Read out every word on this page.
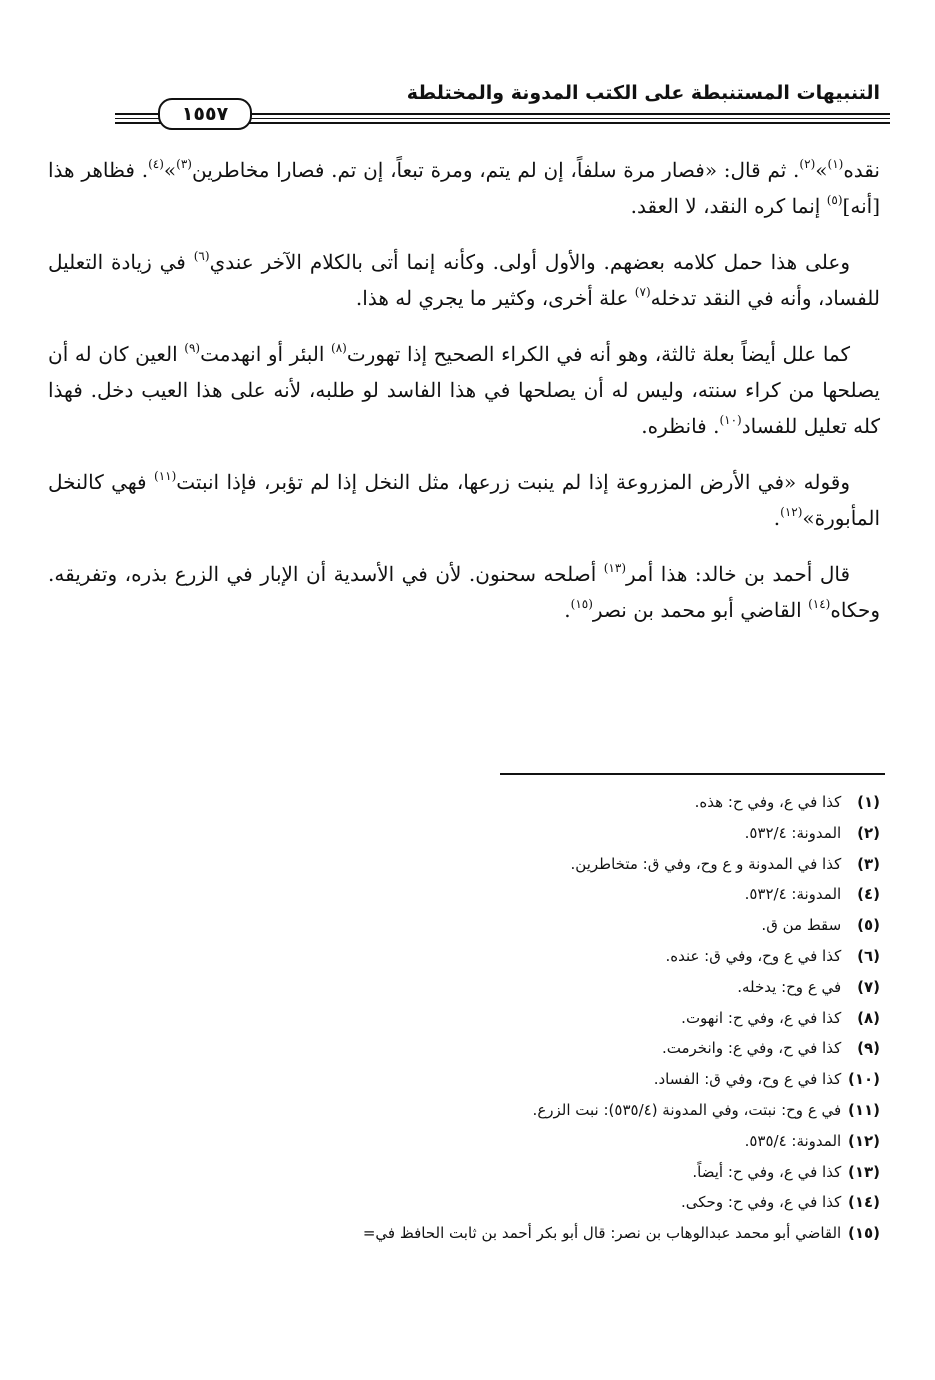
التنبيهات المستنبطة على الكتب المدونة والمختلطة
١٥٥٧

نقده$^{(١)}$»$^{(٢)}$. ثم قال: «فصار مرة سلفاً، إن لم يتم، ومرة تبعاً، إن تم. فصارا مخاطرين$^{(٣)}$»$^{(٤)}$. فظاهر هذا [أنه]$^{(٥)}$ إنما كره النقد، لا العقد.

وعلى هذا حمل كلامه بعضهم. والأول أولى. وكأنه إنما أتى بالكلام الآخر عندي$^{(٦)}$ في زيادة التعليل للفساد، وأنه في النقد تدخله$^{(٧)}$ علة أخرى، وكثير ما يجري له هذا.

كما علل أيضاً بعلة ثالثة، وهو أنه في الكراء الصحيح إذا تهورت$^{(٨)}$ البئر أو انهدمت$^{(٩)}$ العين كان له أن يصلحها من كراء سنته، وليس له أن يصلحها في هذا الفاسد لو طلبه، لأنه على هذا العيب دخل. فهذا كله تعليل للفساد$^{(١٠)}$. فانظره.

وقوله «في الأرض المزروعة إذا لم ينبت زرعها، مثل النخل إذا لم تؤبر، فإذا انبتت$^{(١١)}$ فهي كالنخل المأبورة»$^{(١٢)}$.

قال أحمد بن خالد: هذا أمر$^{(١٣)}$ أصلحه سحنون. لأن في الأسدية أن الإبار في الزرع بذره، وتفريقه. وحكاه$^{(١٤)}$ القاضي أبو محمد بن نصر$^{(١٥)}$.

(١) كذا في ع، وفي ح: هذه.

(٢) المدونة: ٥٣٢/٤.

(٣) كذا في المدونة و ع وح، وفي ق: متخاطرين.

(٤) المدونة: ٥٣٢/٤.

(٥) سقط من ق.

(٦) كذا في ع وح، وفي ق: عنده.

(٧) في ع وح: يدخله.

(٨) كذا في ع، وفي ح: انهوت.

(٩) كذا في ح، وفي ع: وانخرمت.

(١٠) كذا في ع وح، وفي ق: الفساد.

(١١) في ع وح: نبتت، وفي المدونة (٥٣٥/٤): نبت الزرع.

(١٢) المدونة: ٥٣٥/٤.

(١٣) كذا في ع، وفي ح: أيضاً.

(١٤) كذا في ع، وفي ح: وحكى.

(١٥) القاضي أبو محمد عبدالوهاب بن نصر: قال أبو بكر أحمد بن ثابت الحافظ في=
